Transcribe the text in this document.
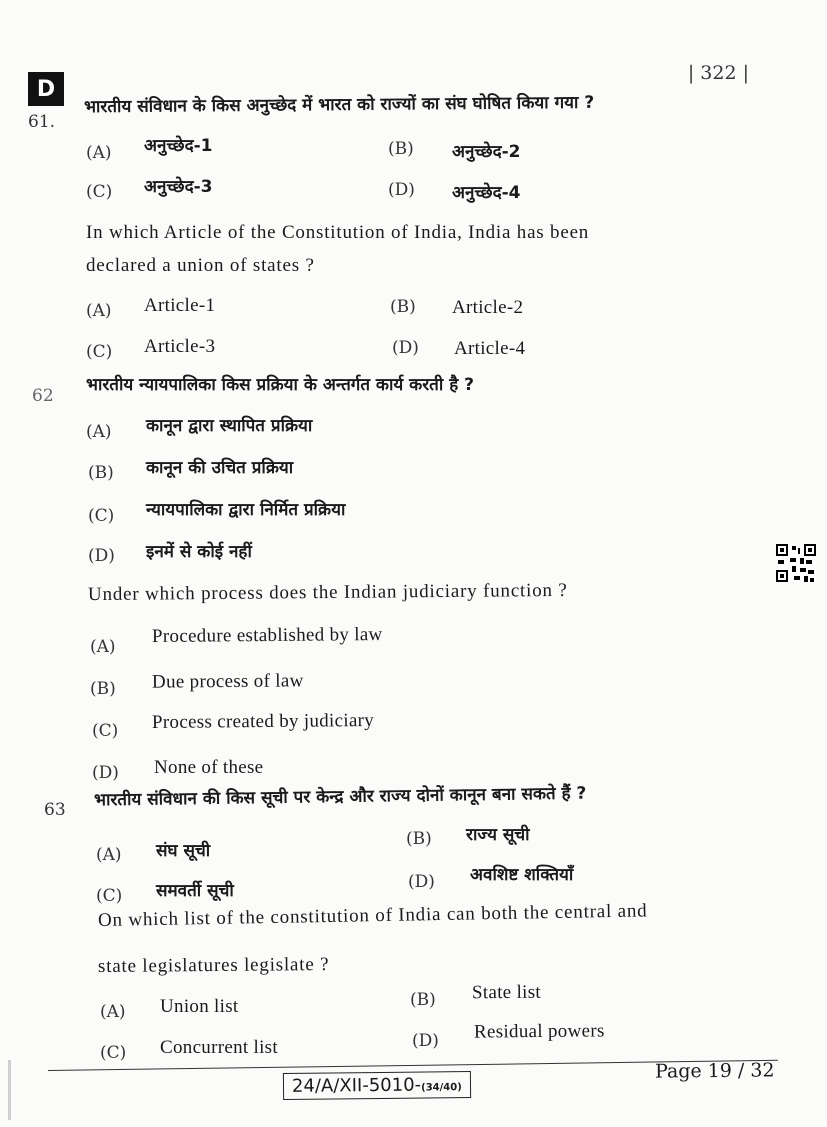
D
| 322 |
61.
भारतीय संविधान के किस अनुच्छेद में भारत को राज्यों का संघ घोषित किया गया ?
(A) अनुच्छेद-1	(B) अनुच्छेद-2
(C) अनुच्छेद-3	(D) अनुच्छेद-4
In which Article of the Constitution of India, India has been
declared a union of states ?
(A) Article-1	(B) Article-2
(C) Article-3	(D) Article-4
62
भारतीय न्यायपालिका किस प्रक्रिया के अन्तर्गत कार्य करती है ?
(A) कानून द्वारा स्थापित प्रक्रिया
(B) कानून की उचित प्रक्रिया
(C) न्यायपालिका द्वारा निर्मित प्रक्रिया
(D) इनमें से कोई नहीं
Under which process does the Indian judiciary function ?
(A) Procedure established by law
(B) Due process of law
(C) Process created by judiciary
(D) None of these
63 भारतीय संविधान की किस सूची पर केन्द्र और राज्य दोनों कानून बना सकते हैं ?
(A) संघ सूची
(B) राज्य सूची
(C) समवर्ती सूची	(D) अवशिष्ट शक्तियाँ
On which list of the constitution of India can both the central and
state legislatures legislate ?
(A) Union list	(B) State list
(C) Concurrent list	(D) Residual powers
24/A/XII-5010-(34/40)
Page 19 / 32
